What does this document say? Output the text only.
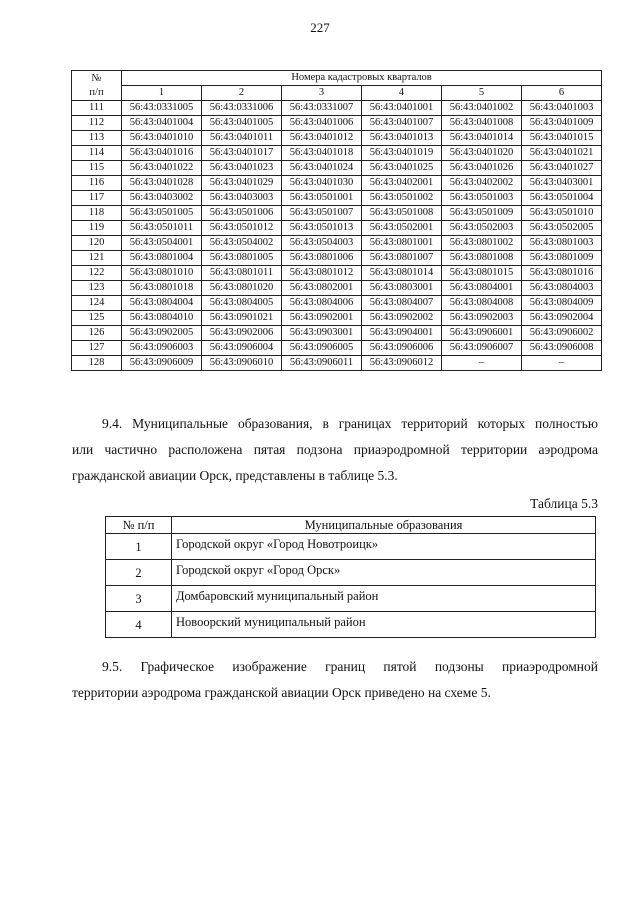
227
№
п/п	Номера кадастровых кварталов					
	1	2	3	4	5	6
111	56:43:0331005	56:43:0331006	56:43:0331007	56:43:0401001	56:43:0401002	56:43:0401003
112	56:43:0401004	56:43:0401005	56:43:0401006	56:43:0401007	56:43:0401008	56:43:0401009
113	56:43:0401010	56:43:0401011	56:43:0401012	56:43:0401013	56:43:0401014	56:43:0401015
114	56:43:0401016	56:43:0401017	56:43:0401018	56:43:0401019	56:43:0401020	56:43:0401021
115	56:43:0401022	56:43:0401023	56:43:0401024	56:43:0401025	56:43:0401026	56:43:0401027
116	56:43:0401028	56:43:0401029	56:43:0401030	56:43:0402001	56:43:0402002	56:43:0403001
117	56:43:0403002	56:43:0403003	56:43:0501001	56:43:0501002	56:43:0501003	56:43:0501004
118	56:43:0501005	56:43:0501006	56:43:0501007	56:43:0501008	56:43:0501009	56:43:0501010
119	56:43:0501011	56:43:0501012	56:43:0501013	56:43:0502001	56:43:0502003	56:43:0502005
120	56:43:0504001	56:43:0504002	56:43:0504003	56:43:0801001	56:43:0801002	56:43:0801003
121	56:43:0801004	56:43:0801005	56:43:0801006	56:43:0801007	56:43:0801008	56:43:0801009
122	56:43:0801010	56:43:0801011	56:43:0801012	56:43:0801014	56:43:0801015	56:43:0801016
123	56:43:0801018	56:43:0801020	56:43:0802001	56:43:0803001	56:43:0804001	56:43:0804003
124	56:43:0804004	56:43:0804005	56:43:0804006	56:43:0804007	56:43:0804008	56:43:0804009
125	56:43:0804010	56:43:0901021	56:43:0902001	56:43:0902002	56:43:0902003	56:43:0902004
126	56:43:0902005	56:43:0902006	56:43:0903001	56:43:0904001	56:43:0906001	56:43:0906002
127	56:43:0906003	56:43:0906004	56:43:0906005	56:43:0906006	56:43:0906007	56:43:0906008
128	56:43:0906009	56:43:0906010	56:43:0906011	56:43:0906012	–	–
9.4. Муниципальные образования, в границах территорий которых полностью
или частично расположена пятая подзона приаэродромной территории аэродрома
гражданской авиации Орск, представлены в таблице 5.3.
Таблица 5.3
№ п/п	Муниципальные образования
1	Городской округ «Город Новотроицк»
2	Городской округ «Город Орск»
3	Домбаровский муниципальный район
4	Новоорский муниципальный район
9.5. Графическое изображение границ пятой подзоны приаэродромной
территории аэродрома гражданской авиации Орск приведено на схеме 5.
